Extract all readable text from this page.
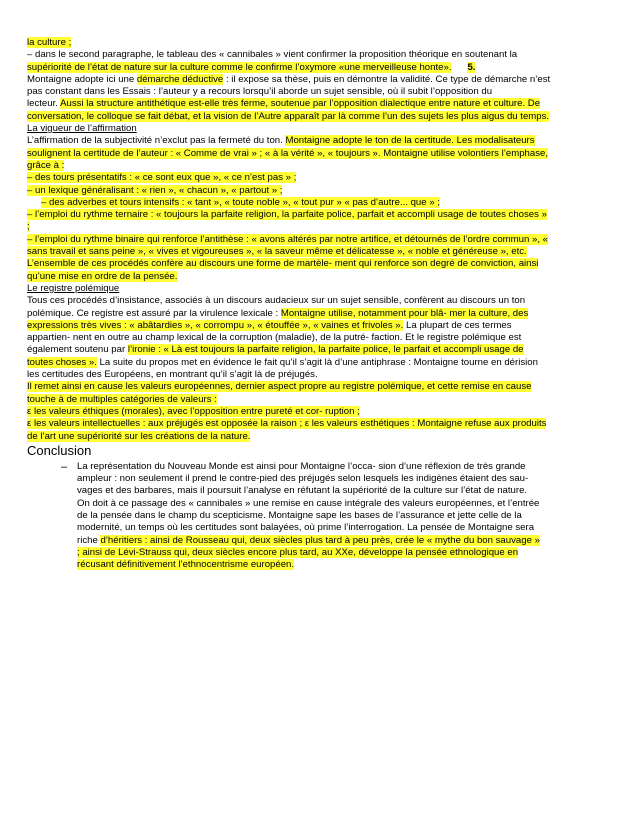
la culture ;
– dans le second paragraphe, le tableau des « cannibales » vient confirmer la proposition théorique en soutenant la
supériorité de l’état de nature sur la culture comme le confirme l’oxymore «une merveilleuse honte». 5.
Montaigne adopte ici une démarche déductive : il expose sa thèse, puis en démontre la validité. Ce type de démarche n’est
pas constant dans les Essais : l’auteur y a recours lorsqu’il aborde un sujet sensible, où il subit l’opposition du
lecteur. Aussi la structure antithétique est-elle très ferme, soutenue par l’opposition dialectique entre nature et culture. De
conversation, le colloque se fait débat, et la vision de l’Autre apparaît par là comme l’un des sujets les plus aigus du temps.
La vigueur de l’affirmation
L’affirmation de la subjectivité n’exclut pas la fermeté du ton. Montaigne adopte le ton de la certitude. Les modalisateurs
soulignent la certitude de l’auteur : « Comme de vrai » ; « à la vérité », « toujours ». Montaigne utilise volontiers l’emphase,
grâce à :
– des tours présentatifs : « ce sont eux que », « ce n’est pas » ;
– un lexique généralisant : « rien », « chacun », « partout » ;
– des adverbes et tours intensifs : « tant », « toute noble », « tout pur » « pas d’autre... que » ;
– l’emploi du rythme ternaire : « toujours la parfaite religion, la parfaite police, parfait et accompli usage de toutes choses »
;
– l’emploi du rythme binaire qui renforce l’antithèse : « avons altérés par notre artifice, et détournés de l’ordre commun », «
sans travail et sans peine », « vives et vigoureuses », « la saveur même et délicatesse », « noble et généreuse », etc.
L’ensemble de ces procédés confère au discours une forme de martèle- ment qui renforce son degré de conviction, ainsi
qu’une mise en ordre de la pensée.
Le registre polémique
Tous ces procédés d’insistance, associés à un discours audacieux sur un sujet sensible, confèrent au discours un ton
polémique. Ce registre est assuré par la virulence lexicale : Montaigne utilise, notamment pour blâ- mer la culture, des
expressions très vives : « abâtardies », « corrompu », « étouffée », « vaines et frivoles ». La plupart de ces termes
appartien- nent en outre au champ lexical de la corruption (maladie), de la putré- faction. Et le registre polémique est
également soutenu par l’ironie : « Là est toujours la parfaite religion, la parfaite police, le parfait et accompli usage de
toutes choses ». La suite du propos met en évidence le fait qu’il s’agit là d’une antiphrase : Montaigne tourne en dérision
les certitudes des Européens, en montrant qu’il s’agit là de préjugés.
Il remet ainsi en cause les valeurs européennes, dernier aspect propre au registre polémique, et cette remise en cause
touche à de multiples catégories de valeurs :
ε les valeurs éthiques (morales), avec l’opposition entre pureté et cor- ruption ;
ε les valeurs intellectuelles : aux préjugés est opposée la raison ; ε les valeurs esthétiques : Montaigne refuse aux produits
de l’art une supériorité sur les créations de la nature.
Conclusion
– La représentation du Nouveau Monde est ainsi pour Montaigne l’occa- sion d’une réflexion de très grande
ampleur : non seulement il prend le contre-pied des préjugés selon lesquels les indigènes étaient des sau-
vages et des barbares, mais il poursuit l’analyse en réfutant la supériorité de la culture sur l’état de nature.
On doit à ce passage des « cannibales » une remise en cause intégrale des valeurs européennes, et l’entrée
de la pensée dans le champ du scepticisme. Montaigne sape les bases de l’assurance et jette celle de la
modernité, un temps où les certitudes sont balayées, où prime l’interrogation. La pensée de Montaigne sera
riche d’héritiers : ainsi de Rousseau qui, deux siècles plus tard à peu près, crée le « mythe du bon sauvage »
; ainsi de Lévi-Strauss qui, deux siècles encore plus tard, au XXe, développe la pensée ethnologique en
récusant définitivement l’ethnocentrisme européen.
